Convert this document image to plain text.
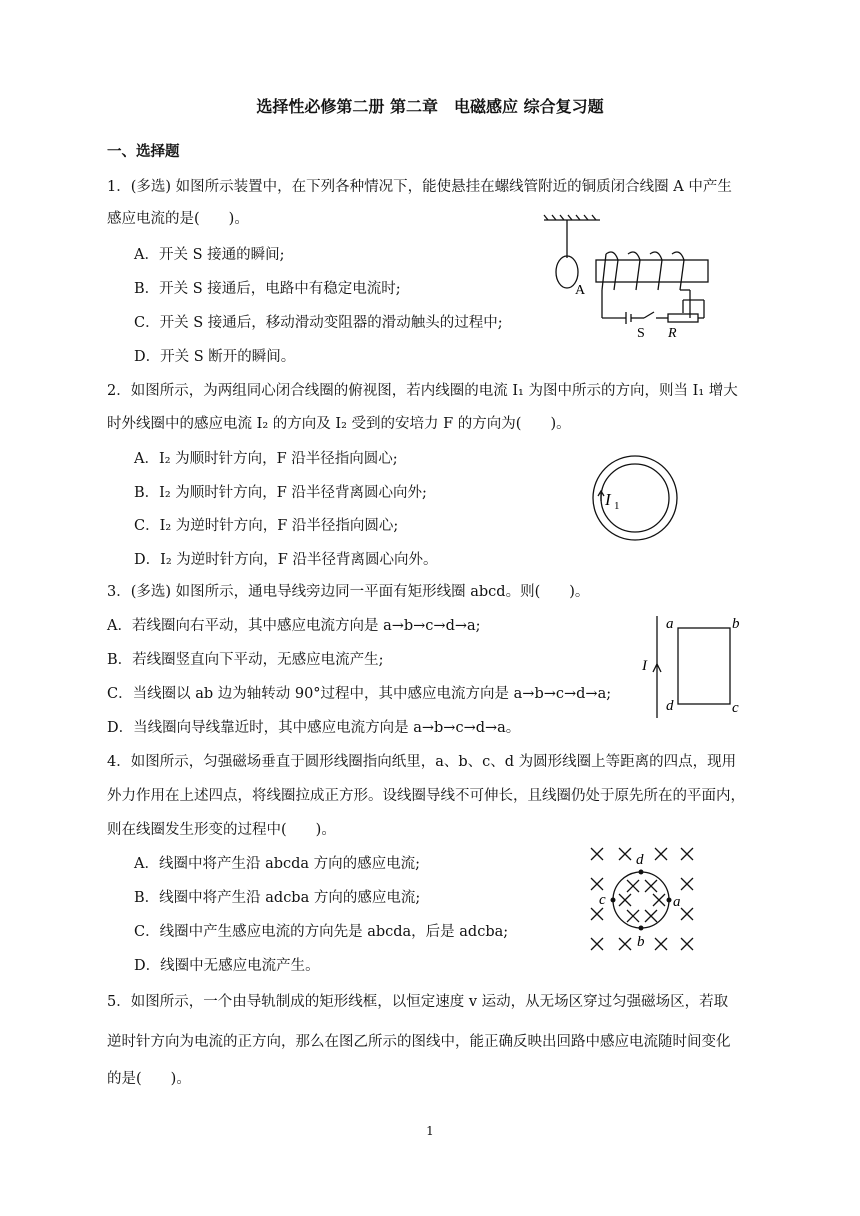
选择性必修第二册 第二章　电磁感应 综合复习题
一、选择题
1．(多选) 如图所示装置中，在下列各种情况下，能使悬挂在螺线管附近的铜质闭合线圈 A 中产生
感应电流的是(　　)。
A．开关 S 接通的瞬间;
B．开关 S 接通后，电路中有稳定电流时;
C．开关 S 接通后，移动滑动变阻器的滑动触头的过程中;
D．开关 S 断开的瞬间。
A
S R
2．如图所示，为两组同心闭合线圈的俯视图，若内线圈的电流 I₁ 为图中所示的方向，则当 I₁ 增大
时外线圈中的感应电流 I₂ 的方向及 I₂ 受到的安培力 F 的方向为(　　)。
A．I₂ 为顺时针方向，F 沿半径指向圆心;
B．I₂ 为顺时针方向，F 沿半径背离圆心向外;
C．I₂ 为逆时针方向，F 沿半径指向圆心;
D．I₂ 为逆时针方向，F 沿半径背离圆心向外。
I 1
3．(多选) 如图所示，通电导线旁边同一平面有矩形线圈 abcd。则(　　)。
A．若线圈向右平动，其中感应电流方向是 a→b→c→d→a;
B．若线圈竖直向下平动，无感应电流产生;
C．当线圈以 ab 边为轴转动 90°过程中，其中感应电流方向是 a→b→c→d→a;
D．当线圈向导线靠近时，其中感应电流方向是 a→b→c→d→a。
a	b
c
d
I
4．如图所示，匀强磁场垂直于圆形线圈指向纸里，a、b、c、d 为圆形线圈上等距离的四点，现用
外力作用在上述四点，将线圈拉成正方形。设线圈导线不可伸长，且线圈仍处于原先所在的平面内，
则在线圈发生形变的过程中(　　)。
A．线圈中将产生沿 abcda 方向的感应电流;
B．线圈中将产生沿 adcba 方向的感应电流;
C．线圈中产生感应电流的方向先是 abcda，后是 adcba;
D．线圈中无感应电流产生。
d
a
b
c
5．如图所示，一个由导轨制成的矩形线框，以恒定速度 v 运动，从无场区穿过匀强磁场区，若取
逆时针方向为电流的正方向，那么在图乙所示的图线中，能正确反映出回路中感应电流随时间变化
的是(　　)。
1
